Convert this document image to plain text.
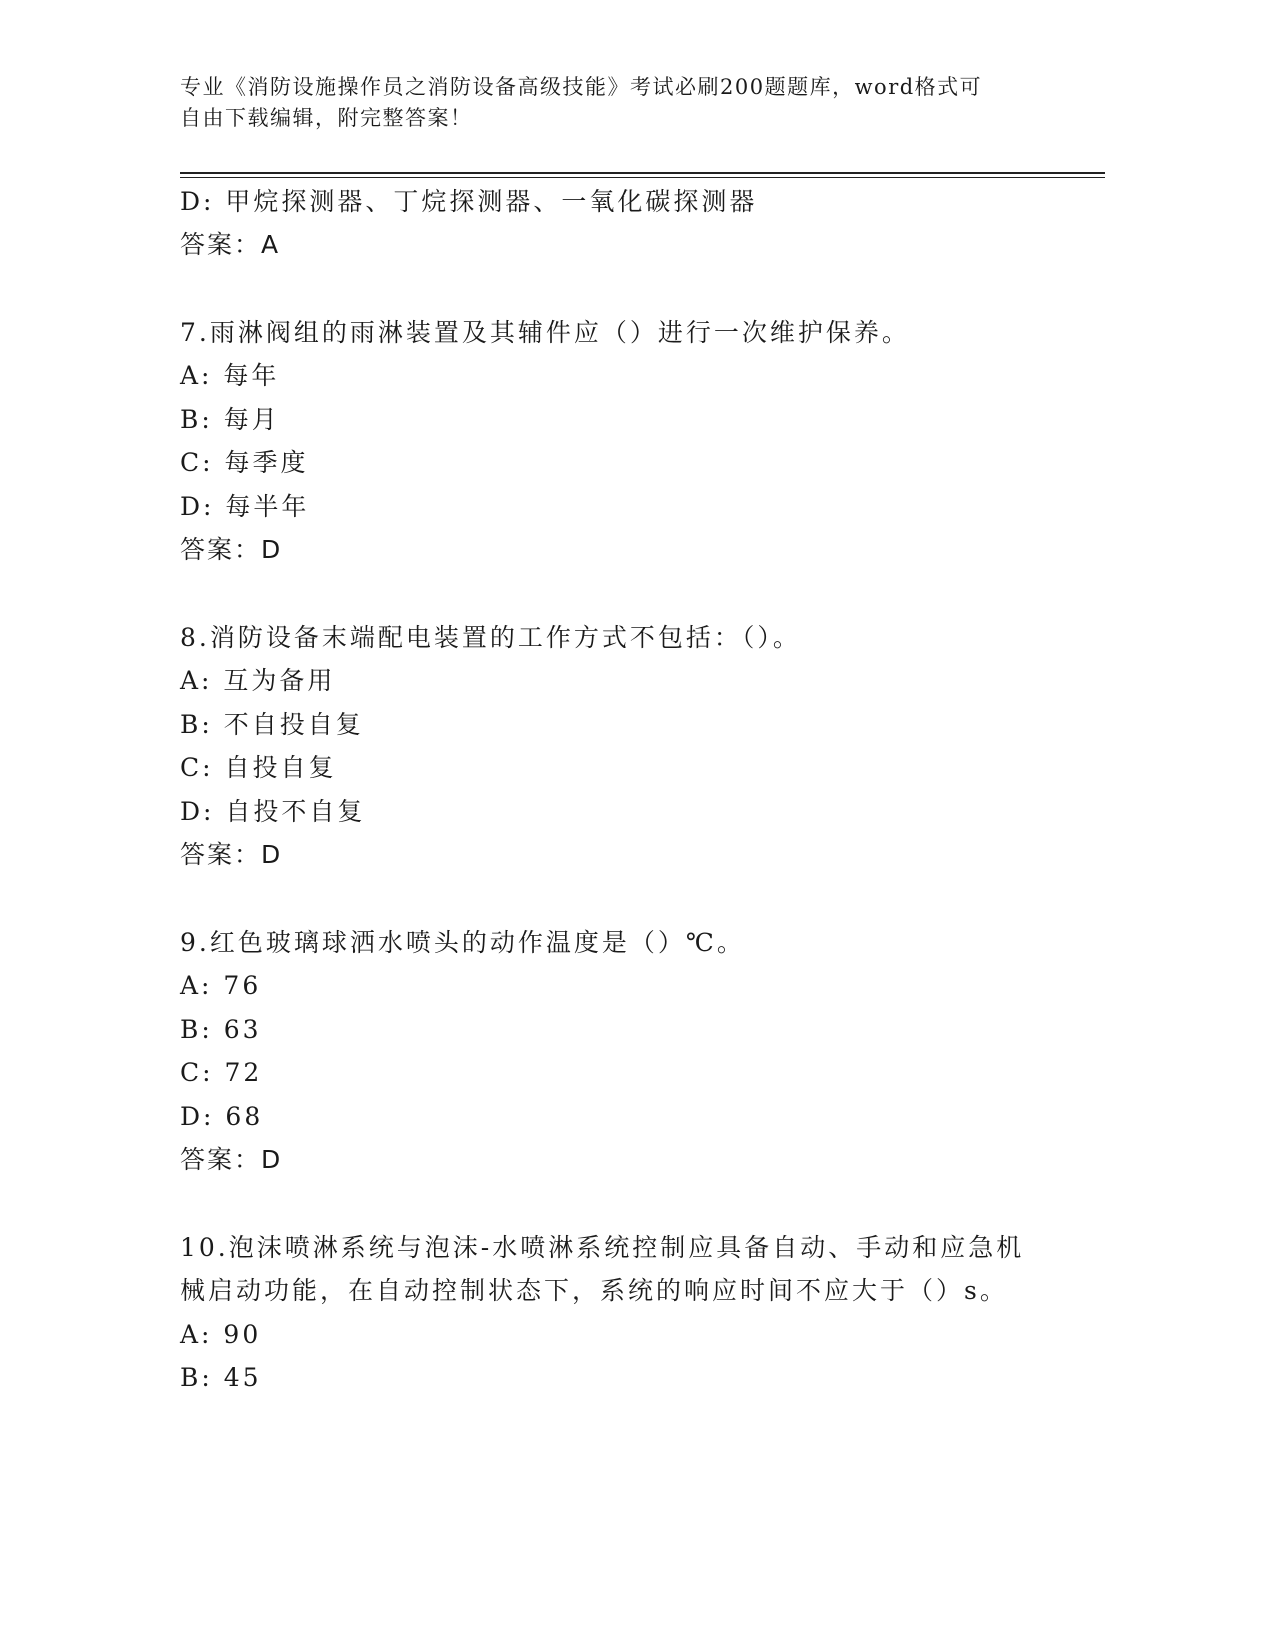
专业《消防设施操作员之消防设备高级技能》考试必刷200题题库，word格式可
自由下载编辑，附完整答案！
D: 甲烷探测器、丁烷探测器、一氧化碳探测器
答案：A
7.雨淋阀组的雨淋装置及其辅件应（）进行一次维护保养。
A: 每年
B: 每月
C: 每季度
D: 每半年
答案：D
8.消防设备末端配电装置的工作方式不包括：（）。
A: 互为备用
B: 不自投自复
C: 自投自复
D: 自投不自复
答案：D
9.红色玻璃球洒水喷头的动作温度是（）℃。
A: 76
B: 63
C: 72
D: 68
答案：D
10.泡沫喷淋系统与泡沫-水喷淋系统控制应具备自动、手动和应急机
械启动功能，在自动控制状态下，系统的响应时间不应大于（）s。
A: 90
B: 45
